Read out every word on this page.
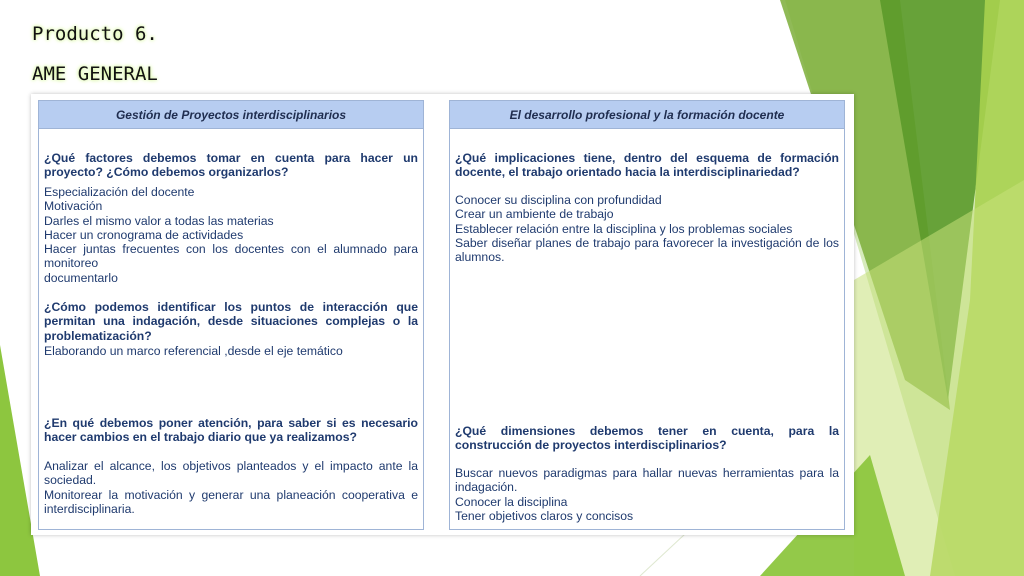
Producto 6.
AME GENERAL
Gestión de Proyectos interdisciplinarios
¿Qué factores debemos tomar en cuenta para hacer un proyecto? ¿Cómo debemos organizarlos?
Especialización del docente
Motivación
Darles el mismo valor a todas las materias
Hacer un cronograma de actividades
Hacer juntas frecuentes con los docentes con el alumnado para monitoreo
documentarlo
¿Cómo podemos identificar los puntos de interacción que permitan una indagación, desde situaciones complejas o la problematización?
Elaborando un marco referencial ,desde el eje temático
¿En qué debemos poner atención, para saber si es necesario hacer cambios en el trabajo diario que ya realizamos?
Analizar el alcance, los objetivos planteados y el impacto ante la sociedad.
Monitorear la motivación y generar una planeación cooperativa e interdisciplinaria.
El desarrollo profesional y la formación docente
¿Qué implicaciones tiene, dentro del esquema de formación docente, el trabajo orientado hacia la interdisciplinariedad?
Conocer su disciplina con profundidad
Crear un ambiente de trabajo
Establecer relación entre la disciplina y los problemas sociales
Saber diseñar planes de trabajo para favorecer la investigación de los alumnos.
¿Qué dimensiones debemos tener en cuenta, para la construcción de proyectos interdisciplinarios?
Buscar nuevos paradigmas para hallar nuevas herramientas para la indagación.
Conocer la disciplina
Tener objetivos claros y concisos
